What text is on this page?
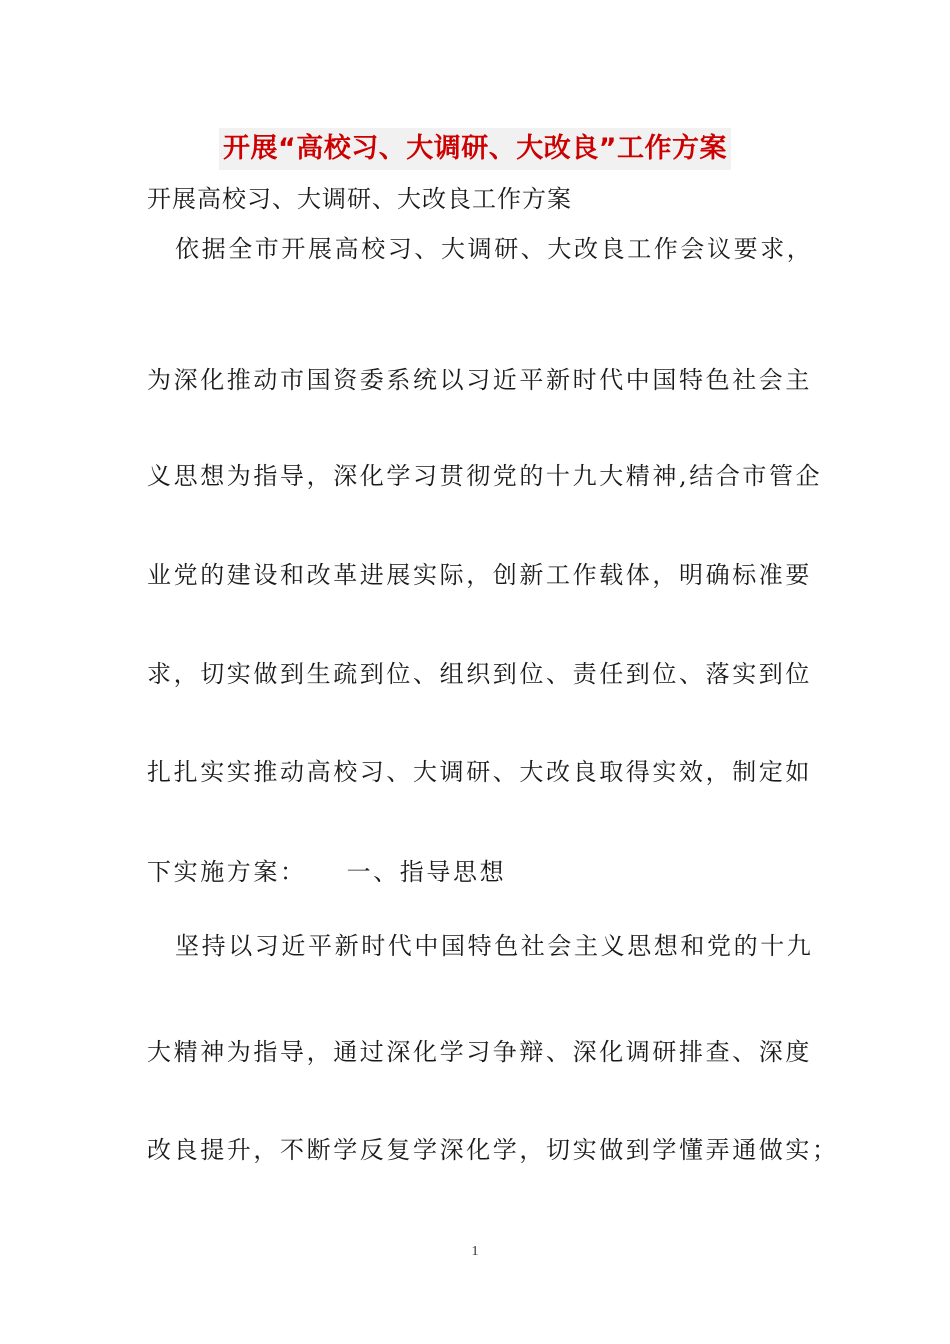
开展“高校习、大调研、大改良”工作方案
开展高校习、大调研、大改良工作方案
依据全市开展高校习、大调研、大改良工作会议要求，
为深化推动市国资委系统以习近平新时代中国特色社会主
义思想为指导，深化学习贯彻党的十九大精神,结合市管企
业党的建设和改革进展实际，创新工作载体，明确标准要
求，切实做到生疏到位、组织到位、责任到位、落实到位
扎扎实实推动高校习、大调研、大改良取得实效，制定如
下实施方案： 一、指导思想
坚持以习近平新时代中国特色社会主义思想和党的十九
大精神为指导，通过深化学习争辩、深化调研排查、深度
改良提升，不断学反复学深化学，切实做到学懂弄通做实；
1
